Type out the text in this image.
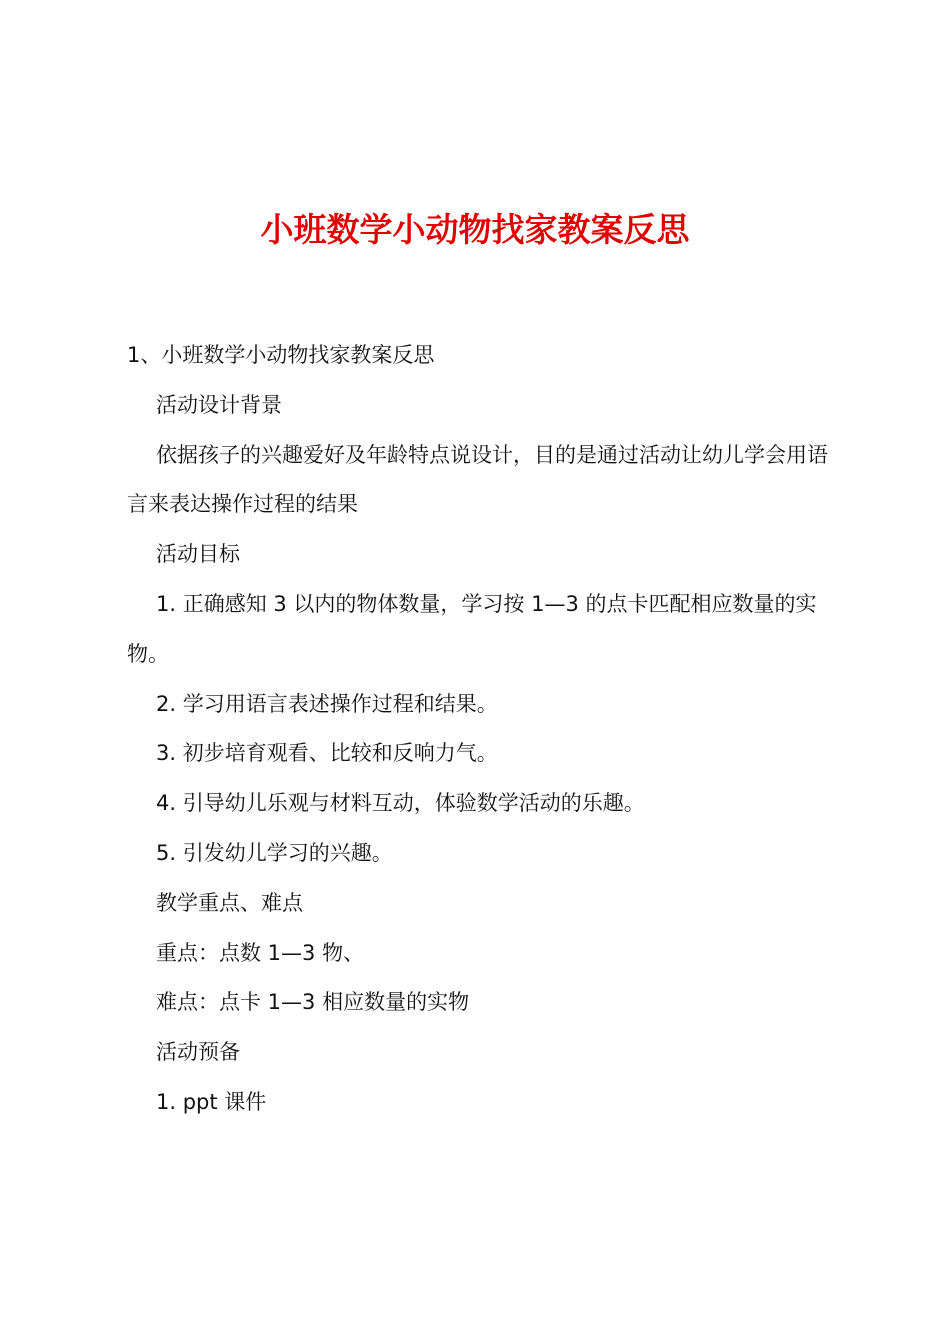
小班数学小动物找家教案反思

1、小班数学小动物找家教案反思

活动设计背景

依据孩子的兴趣爱好及年龄特点说设计，目的是通过活动让幼儿学会用语言来表达操作过程的结果

活动目标

1. 正确感知 3 以内的物体数量，学习按 1—3 的点卡匹配相应数量的实物。

2. 学习用语言表述操作过程和结果。

3. 初步培育观看、比较和反响力气。

4. 引导幼儿乐观与材料互动，体验数学活动的乐趣。

5. 引发幼儿学习的兴趣。

教学重点、难点

重点：点数 1—3 物、

难点：点卡 1—3 相应数量的实物

活动预备

1. ppt 课件
